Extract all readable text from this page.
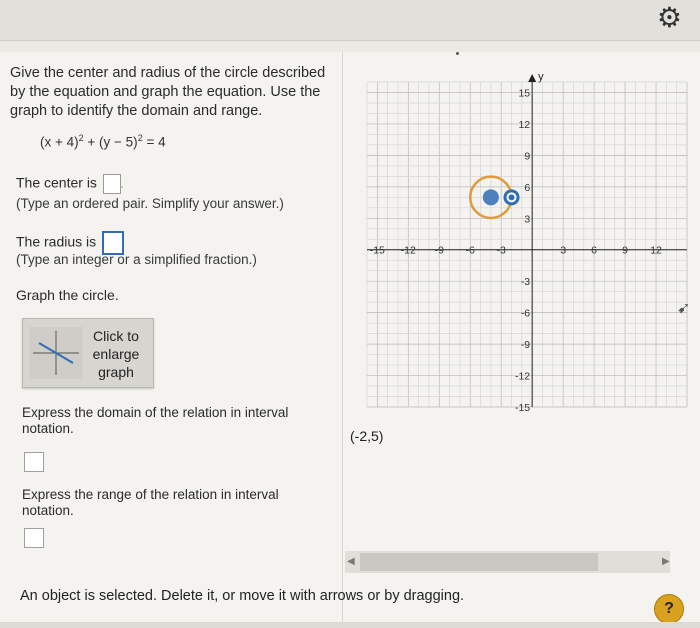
⚙
Give the center and radius of the circle described by the equation and graph the equation. Use the graph to identify the domain and range.
$(x + 4)^2 + (y - 5)^2 = 4$
The center is	.
(Type an ordered pair. Simplify your answer.)
The radius is
(Type an integer or a simplified fraction.)
Graph the circle.
Click to enlarge graph
Express the domain of the relation in interval notation.
Express the range of the relation in interval notation.
y
-15 -12 -9 -6 -3	3 6 9 12
15
12
9
6
3
-3
-6
-9
-12
-15
(-2,5)
➹
◀	▶
An object is selected. Delete it, or move it with arrows or by dragging.
?
